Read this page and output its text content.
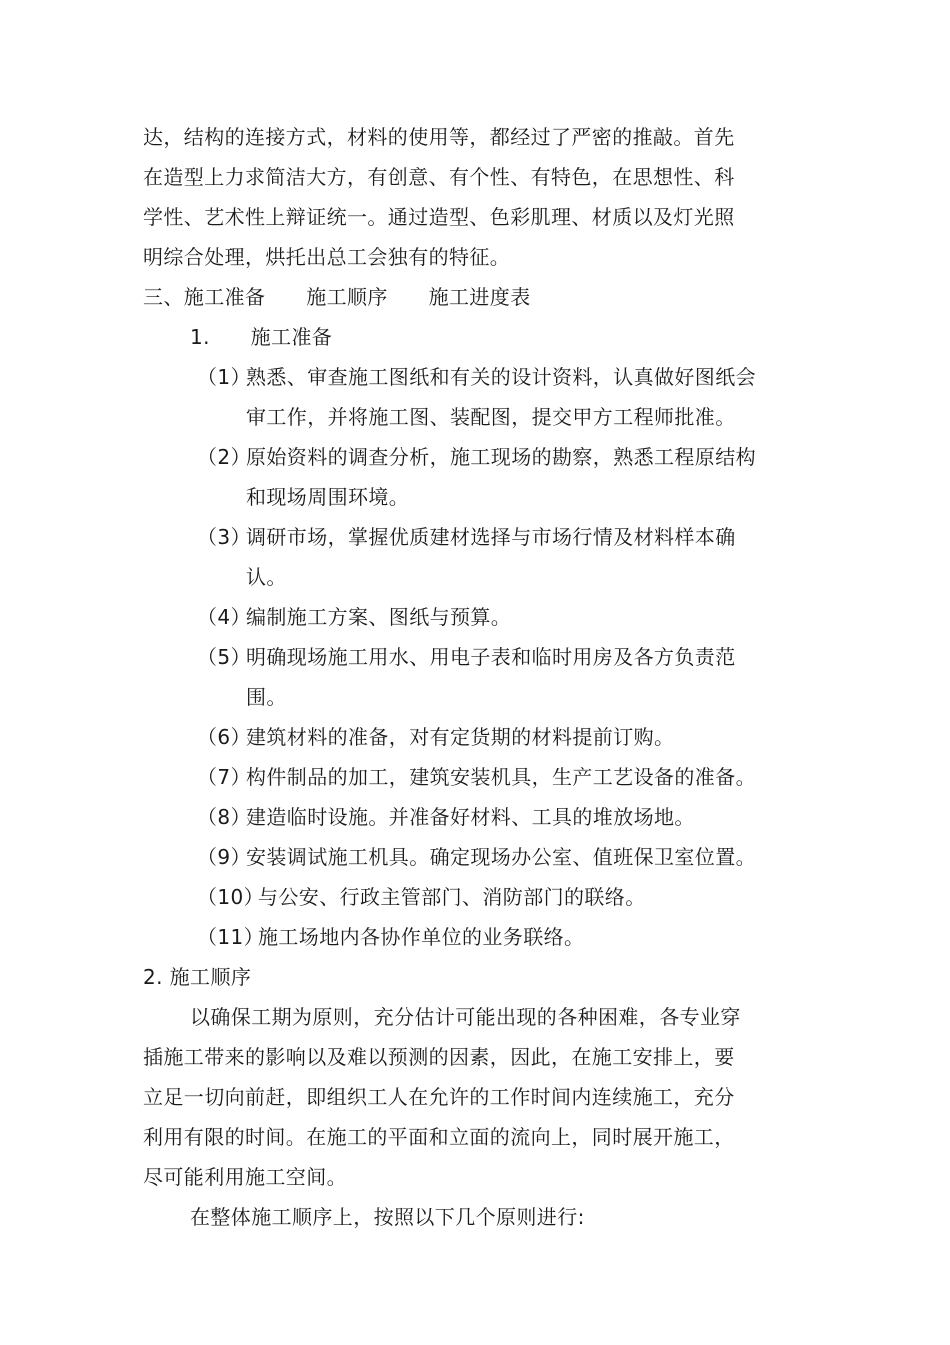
达，结构的连接方式，材料的使用等，都经过了严密的推敲。首先
在造型上力求简洁大方，有创意、有个性、有特色，在思想性、科
学性、艺术性上辩证统一。通过造型、色彩肌理、材质以及灯光照
明综合处理，烘托出总工会独有的特征。
三、施工准备　　施工顺序　　施工进度表
1.　　施工准备
（1）
熟悉、审查施工图纸和有关的设计资料，认真做好图纸会
审工作，并将施工图、装配图，提交甲方工程师批准。
（2）
原始资料的调查分析，施工现场的勘察，熟悉工程原结构
和现场周围环境。
（3）
调研市场，掌握优质建材选择与市场行情及材料样本确
认。
（4）
编制施工方案、图纸与预算。
（5）
明确现场施工用水、用电子表和临时用房及各方负责范
围。
（6）
建筑材料的准备，对有定货期的材料提前订购。
（7）
构件制品的加工，建筑安装机具，生产工艺设备的准备。
（8）
建造临时设施。并准备好材料、工具的堆放场地。
（9）
安装调试施工机具。确定现场办公室、值班保卫室位置。
（10）
与公安、行政主管部门、消防部门的联络。
（11）
施工场地内各协作单位的业务联络。
2. 施工顺序
以确保工期为原则，充分估计可能出现的各种困难，各专业穿
插施工带来的影响以及难以预测的因素，因此，在施工安排上，要
立足一切向前赶，即组织工人在允许的工作时间内连续施工，充分
利用有限的时间。在施工的平面和立面的流向上，同时展开施工，
尽可能利用施工空间。
在整体施工顺序上，按照以下几个原则进行:
